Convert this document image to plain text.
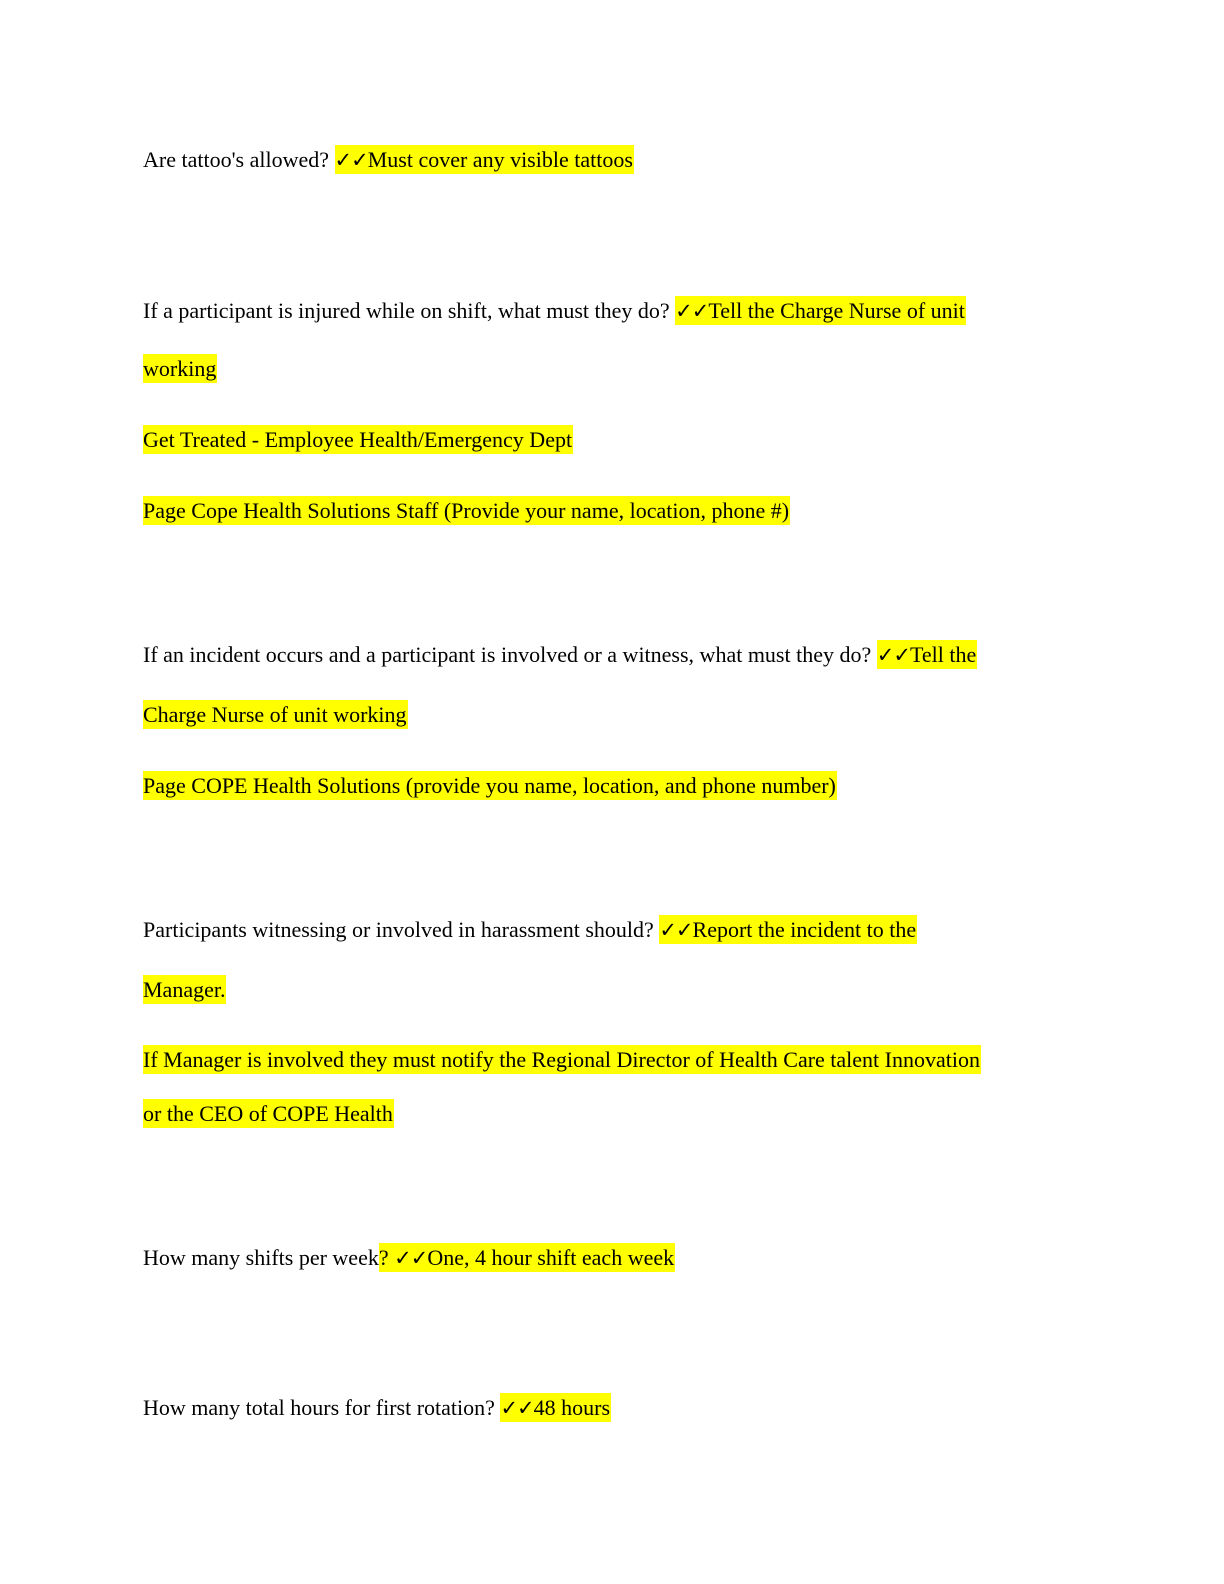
Are tattoo's allowed? ✓✓Must cover any visible tattoos

If a participant is injured while on shift, what must they do? ✓✓Tell the Charge Nurse of unit

working

Get Treated - Employee Health/Emergency Dept

Page Cope Health Solutions Staff (Provide your name, location, phone #)

If an incident occurs and a participant is involved or a witness, what must they do? ✓✓Tell the

Charge Nurse of unit working

Page COPE Health Solutions (provide you name, location, and phone number)

Participants witnessing or involved in harassment should? ✓✓Report the incident to the

Manager.

If Manager is involved they must notify the Regional Director of Health Care talent Innovation

or the CEO of COPE Health

How many shifts per week? ✓✓One, 4 hour shift each week

How many total hours for first rotation? ✓✓48 hours
